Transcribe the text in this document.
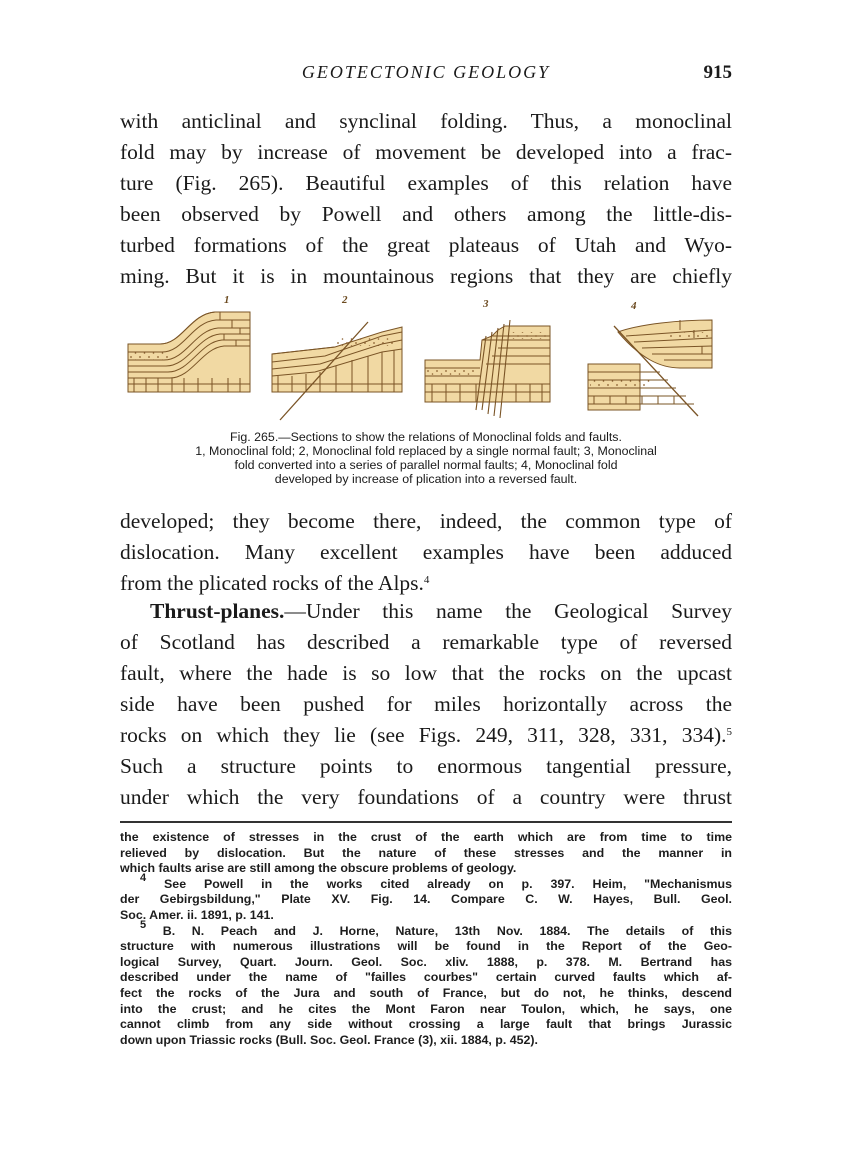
GEOTECTONIC GEOLOGY	915

with anticlinal and synclinal folding. Thus, a monoclinal
fold may by increase of movement be developed into a frac-
ture (Fig. 265). Beautiful examples of this relation have
been observed by Powell and others among the little-dis-
turbed formations of the great plateaus of Utah and Wyo-
ming. But it is in mountainous regions that they are chiefly

1	2	3	4
Fig. 265.—Sections to show the relations of Monoclinal folds and faults.
1, Monoclinal fold; 2, Monoclinal fold replaced by a single normal fault; 3, Monoclinal
fold converted into a series of parallel normal faults; 4, Monoclinal fold
developed by increase of plication into a reversed fault.

developed; they become there, indeed, the common type of
dislocation. Many excellent examples have been adduced
from the plicated rocks of the Alps.$^4$

Thrust-planes.—Under this name the Geological Survey
of Scotland has described a remarkable type of reversed
fault, where the hade is so low that the rocks on the upcast
side have been pushed for miles horizontally across the
rocks on which they lie (see Figs. 249, 311, 328, 331, 334).$^5$
Such a structure points to enormous tangential pressure,
under which the very foundations of a country were thrust

the existence of stresses in the crust of the earth which are from time to time
relieved by dislocation. But the nature of these stresses and the manner in
which faults arise are still among the obscure problems of geology.
$^4$ See Powell in the works cited already on p. 397. Heim, "Mechanismus
der Gebirgsbildung," Plate XV. Fig. 14. Compare C. W. Hayes, Bull. Geol.
Soc. Amer. ii. 1891, p. 141.
$^5$ B. N. Peach and J. Horne, Nature, 13th Nov. 1884. The details of this
structure with numerous illustrations will be found in the Report of the Geo-
logical Survey, Quart. Journ. Geol. Soc. xliv. 1888, p. 378. M. Bertrand has
described under the name of "failles courbes" certain curved faults which af-
fect the rocks of the Jura and south of France, but do not, he thinks, descend
into the crust; and he cites the Mont Faron near Toulon, which, he says, one
cannot climb from any side without crossing a large fault that brings Jurassic
down upon Triassic rocks (Bull. Soc. Geol. France (3), xii. 1884, p. 452).
